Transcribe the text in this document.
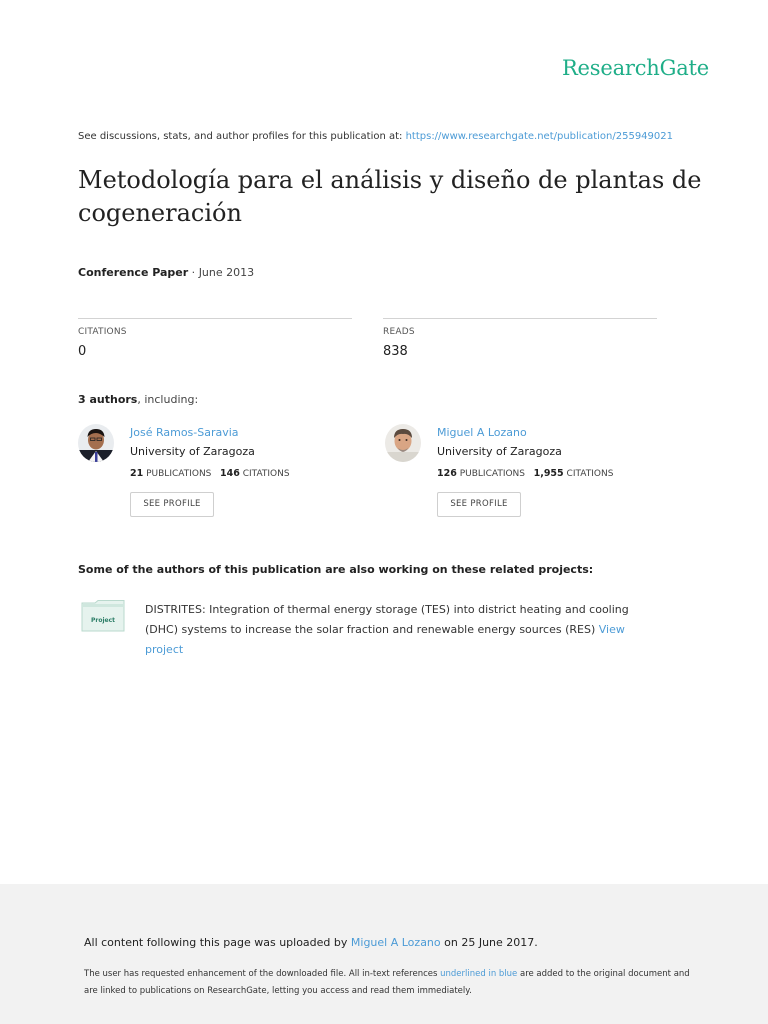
ResearchGate
See discussions, stats, and author profiles for this publication at: https://www.researchgate.net/publication/255949021
Metodología para el análisis y diseño de plantas de cogeneración
Conference Paper · June 2013
CITATIONS
0
READS
838
3 authors, including:
José Ramos-Saravia
University of Zaragoza
21 PUBLICATIONS 146 CITATIONS
SEE PROFILE
Miguel A Lozano
University of Zaragoza
126 PUBLICATIONS 1,955 CITATIONS
SEE PROFILE
Some of the authors of this publication are also working on these related projects:
Project
DISTRITES: Integration of thermal energy storage (TES) into district heating and cooling (DHC) systems to increase the solar fraction and renewable energy sources (RES) View project
All content following this page was uploaded by Miguel A Lozano on 25 June 2017.
The user has requested enhancement of the downloaded file. All in-text references underlined in blue are added to the original document and are linked to publications on ResearchGate, letting you access and read them immediately.
